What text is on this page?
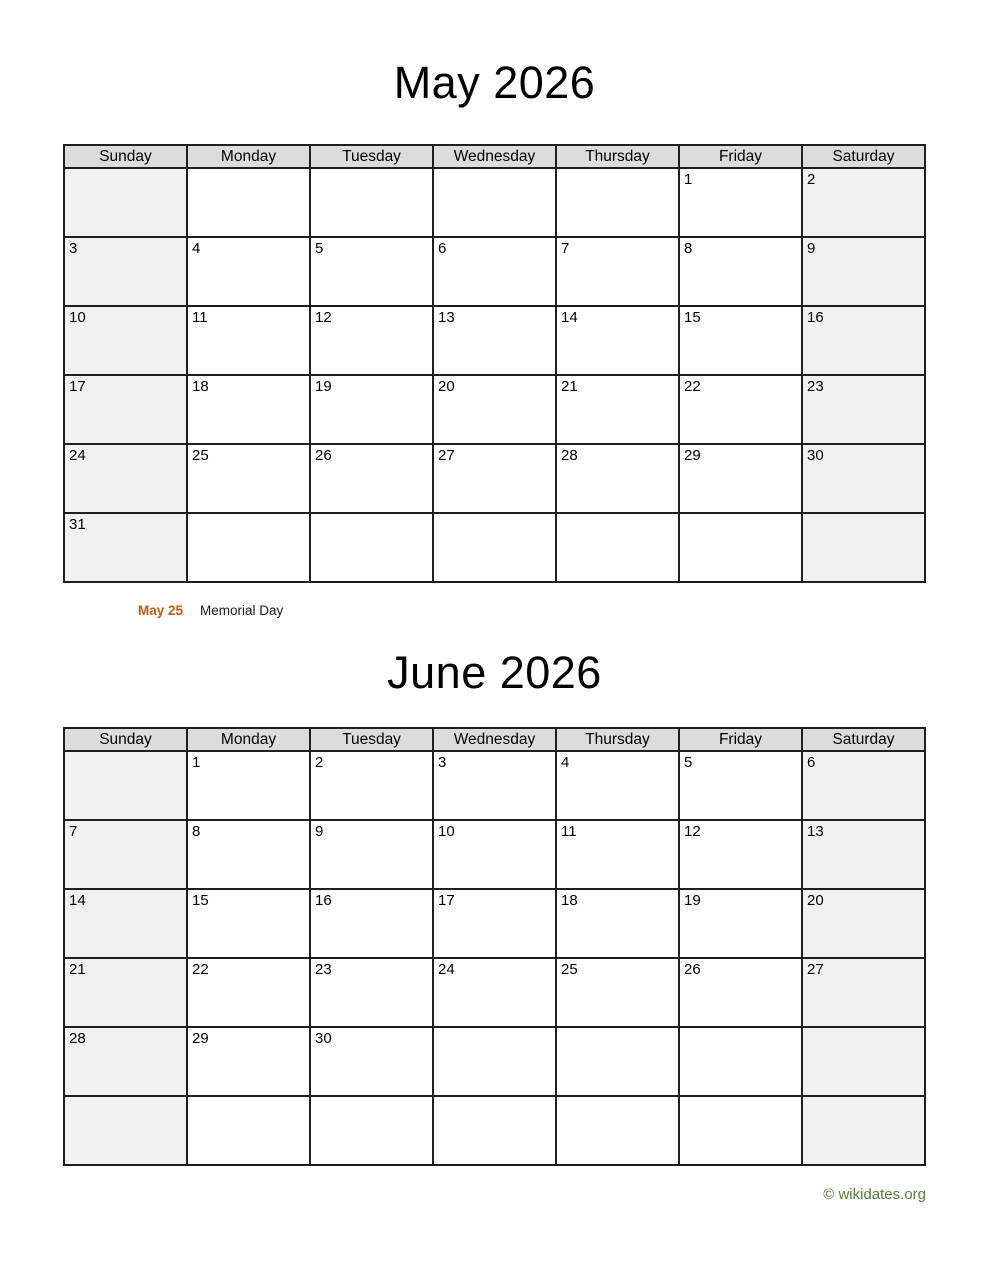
May 2026
Sunday	Monday	Tuesday	Wednesday	Thursday	Friday	Saturday
					1	2
3	4	5	6	7	8	9
10	11	12	13	14	15	16
17	18	19	20	21	22	23
24	25	26	27	28	29	30
31						
May 25 Memorial Day
June 2026
Sunday	Monday	Tuesday	Wednesday	Thursday	Friday	Saturday
	1	2	3	4	5	6
7	8	9	10	11	12	13
14	15	16	17	18	19	20
21	22	23	24	25	26	27
28	29	30				

© wikidates.org
